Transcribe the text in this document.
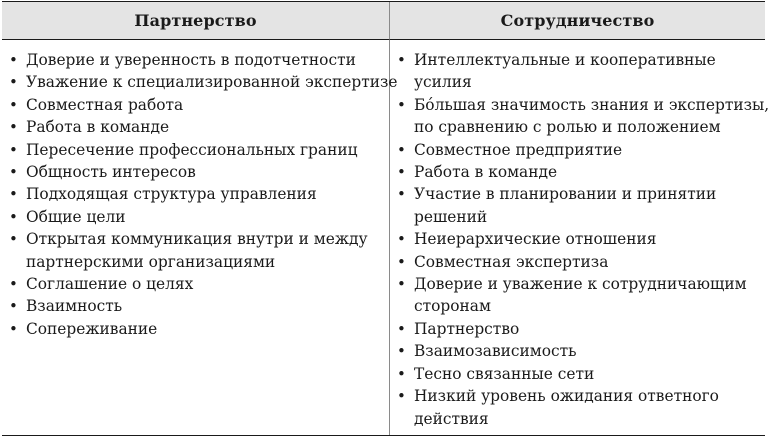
Партнерство	Сотрудничество
• Доверие и уверенность в подотчетности
• Уважение к специализированной экспертизе
• Совместная работа
• Работа в команде
• Пересечение профессиональных границ
• Общность интересов
• Подходящая структура управления
• Общие цели
• Открытая коммуникация внутри и между
партнерскими организациями
• Соглашение о целях
• Взаимность
• Сопереживание
• Интеллектуальные и кооперативные
усилия
• Бóльшая значимость знания и экспертизы,
по сравнению с ролью и положением
• Совместное предприятие
• Работа в команде
• Участие в планировании и принятии
решений
• Неиерархические отношения
• Совместная экспертиза
• Доверие и уважение к сотрудничающим
сторонам
• Партнерство
• Взаимозависимость
• Тесно связанные сети
• Низкий уровень ожидания ответного
действия
